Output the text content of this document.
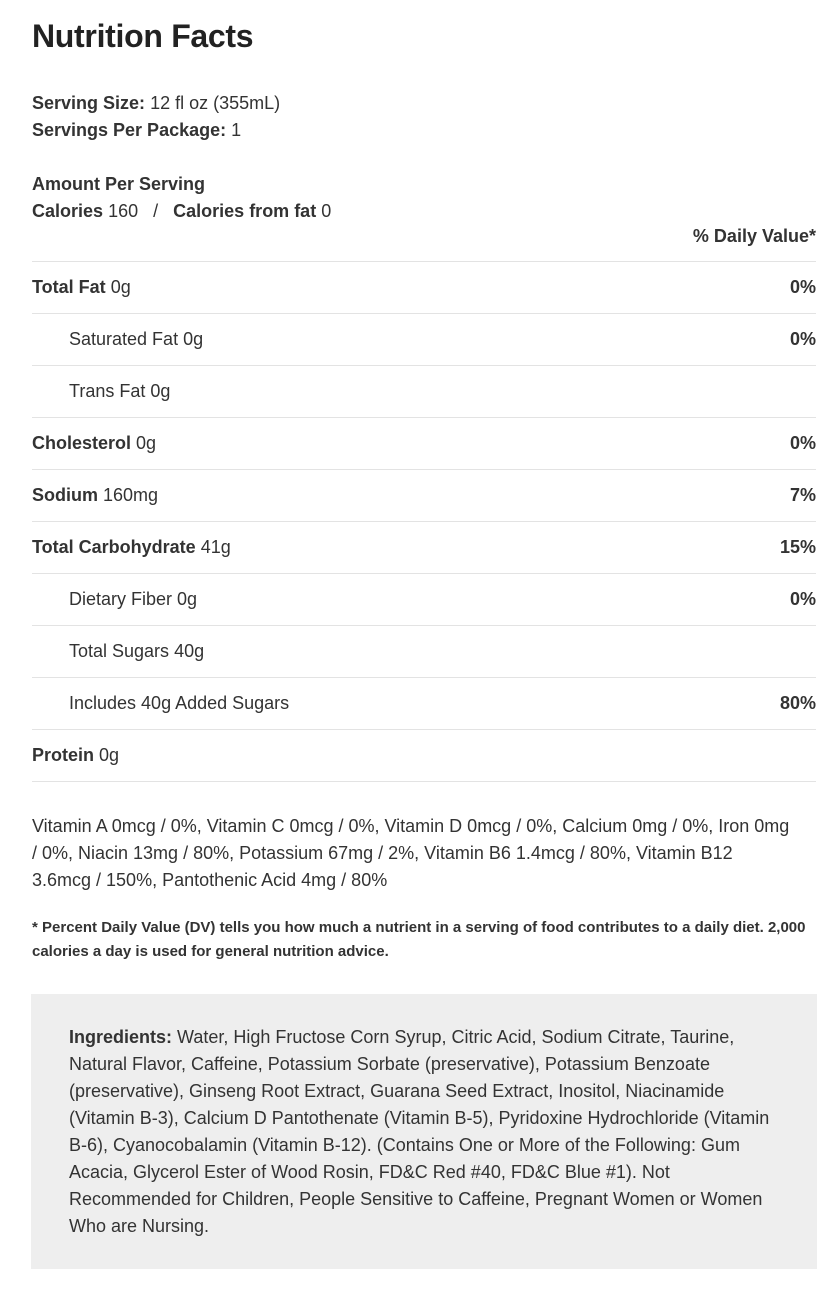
Nutrition Facts
Serving Size: 12 fl oz (355mL)
Servings Per Package: 1
Amount Per Serving
Calories 160 / Calories from fat 0
% Daily Value*
Total Fat 0g	0%
Saturated Fat 0g	0%
Trans Fat 0g
Cholesterol 0g	0%
Sodium 160mg	7%
Total Carbohydrate 41g	15%
Dietary Fiber 0g	0%
Total Sugars 40g
Includes 40g Added Sugars	80%
Protein 0g
Vitamin A 0mcg / 0%, Vitamin C 0mcg / 0%, Vitamin D 0mcg / 0%, Calcium 0mg / 0%, Iron 0mg / 0%, Niacin 13mg / 80%, Potassium 67mg / 2%, Vitamin B6 1.4mcg / 80%, Vitamin B12 3.6mcg / 150%, Pantothenic Acid 4mg / 80%
* Percent Daily Value (DV) tells you how much a nutrient in a serving of food contributes to a daily diet. 2,000 calories a day is used for general nutrition advice.
Ingredients: Water, High Fructose Corn Syrup, Citric Acid, Sodium Citrate, Taurine, Natural Flavor, Caffeine, Potassium Sorbate (preservative), Potassium Benzoate (preservative), Ginseng Root Extract, Guarana Seed Extract, Inositol, Niacinamide (Vitamin B-3), Calcium D Pantothenate (Vitamin B-5), Pyridoxine Hydrochloride (Vitamin B-6), Cyanocobalamin (Vitamin B-12). (Contains One or More of the Following: Gum Acacia, Glycerol Ester of Wood Rosin, FD&C Red #40, FD&C Blue #1). Not Recommended for Children, People Sensitive to Caffeine, Pregnant Women or Women Who are Nursing.
